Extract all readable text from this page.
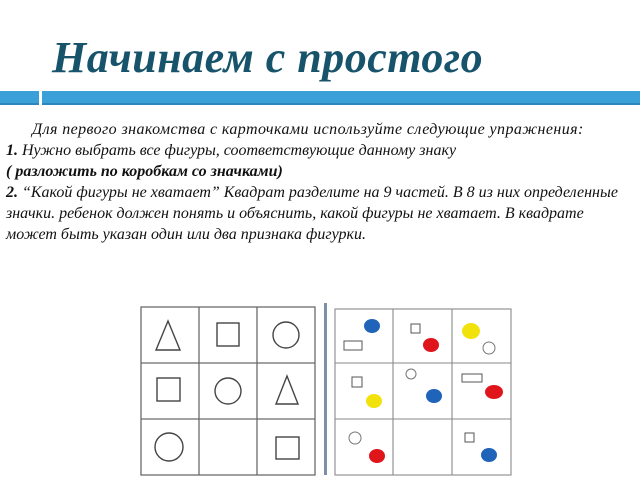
Начинаем с простого

Для первого знакомства с карточками используйте следующие упражнения:

1. Нужно выбрать все фигуры, соответствующие данному знаку

( разложить по коробкам со значками)

2. “Какой фигуры не хватает” Квадрат разделите на 9 частей. В 8 из них определенные значки. ребенок должен понять и объяснить, какой фигуры не хватает. В квадрате может быть указан один или два признака фигурки.
